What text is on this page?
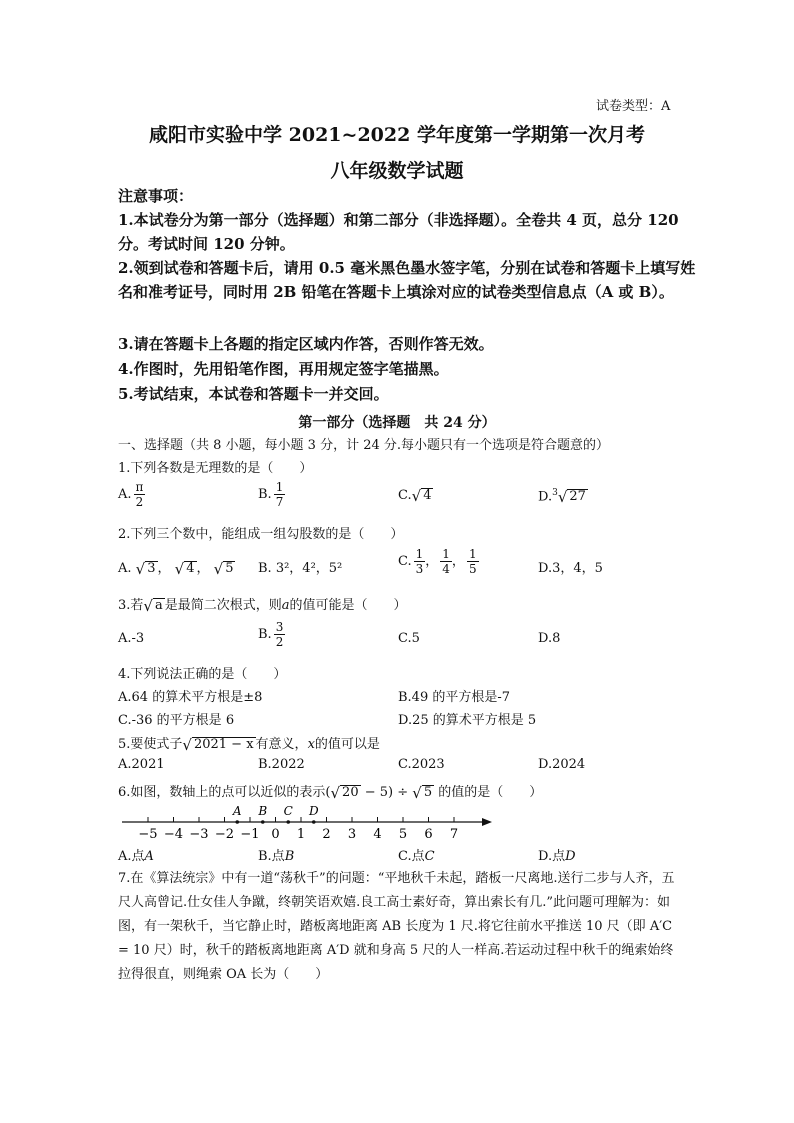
试卷类型：A
咸阳市实验中学 2021~2022 学年度第一学期第一次月考
八年级数学试题
注意事项：
1.本试卷分为第一部分（选择题）和第二部分（非选择题）。全卷共 4 页，总分 120 分。考试时间 120 分钟。
2.领到试卷和答题卡后，请用 0.5 毫米黑色墨水签字笔，分别在试卷和答题卡上填写姓名和准考证号，同时用 2B 铅笔在答题卡上填涂对应的试卷类型信息点（A 或 B）。
3.请在答题卡上各题的指定区域内作答，否则作答无效。
4.作图时，先用铅笔作图，再用规定签字笔描黑。
5.考试结束，本试卷和答题卡一并交回。
第一部分（选择题　共 24 分）
一、选择题（共 8 小题，每小题 3 分，计 24 分.每小题只有一个选项是符合题意的）
1.下列各数是无理数的是（　　）
A. $\frac{\pi}{2}$	B. $\frac{1}{7}$	C. √ 4	D.$^3$ √ 27
2.下列三个数中，能组成一组勾股数的是（　　）
A. √ 3 ， √ 4 ， √ 5 B. 3²，4²，5²	C. $\frac{1}{3}$ ， $\frac{1}{4}$ ， $\frac{1}{5}$	D.3，4，5
3.若 √ a 是最简二次根式，则a的值可能是（　　）
A.-3	B. $\frac{3}{2}$	C.5	D.8
4.下列说法正确的是（　　）
A.64 的算术平方根是±8	B.49 的平方根是-7
C.-36 的平方根是 6	D.25 的算术平方根是 5
5.要使式子 √ 2021 − x 有意义，x的值可以是
A.2021	B.2022	C.2023	D.2024
6.如图，数轴上的点可以近似的表示( √ 20 − 5) ÷ √ 5 的值的是（　　）
−5 −4 −3 −2 −1 0 1 2 3 4 5 6 7
A B C D
A.点A	B.点B	C.点C	D.点D
7.在《算法统宗》中有一道“荡秋千”的问题：“平地秋千未起，踏板一尺离地.送行二步与人齐，五尺人高曾记.仕女佳人争蹴，终朝笑语欢嬉.良工高士素好奇，算出索长有几.”此问题可理解为：如图，有一架秋千，当它静止时，踏板离地距离 AB 长度为 1 尺.将它往前水平推送 10 尺（即 A′C = 10 尺）时，秋千的踏板离地距离 A′D 就和身高 5 尺的人一样高.若运动过程中秋千的绳索始终拉得很直，则绳索 OA 长为（　　）
